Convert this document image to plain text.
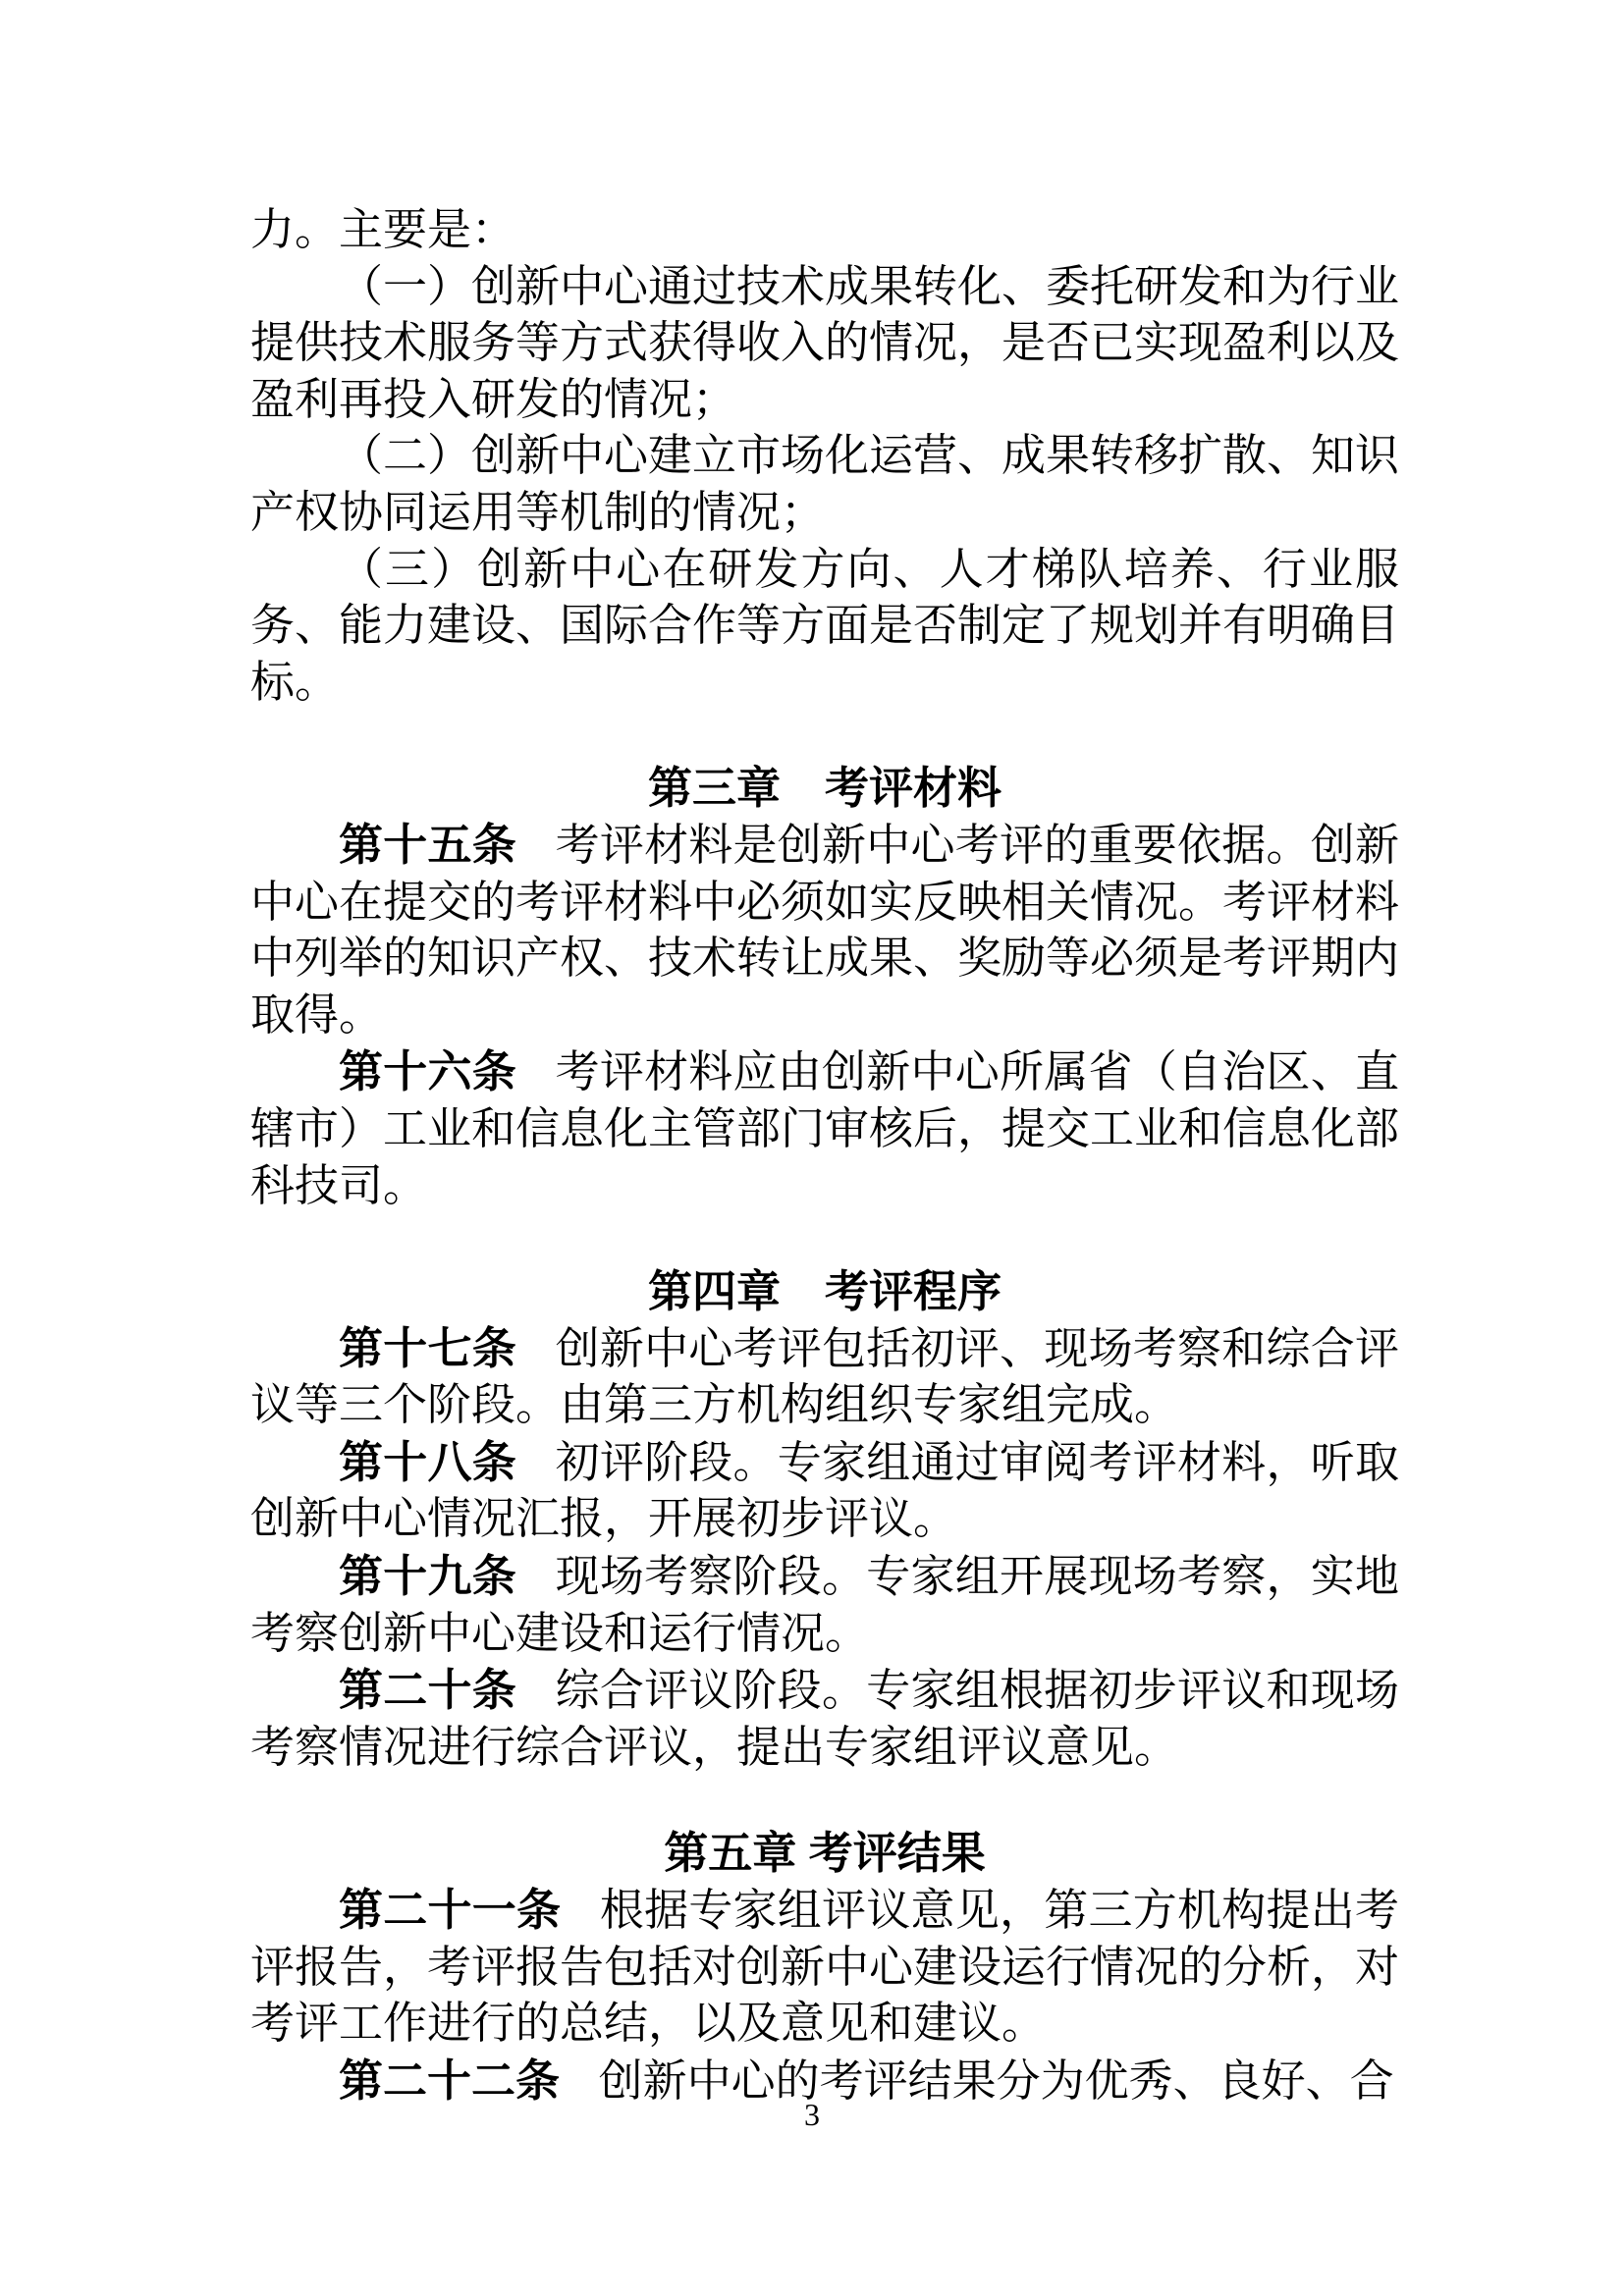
力。主要是：

（一）创新中心通过技术成果转化、委托研发和为行业提供技术服务等方式获得收入的情况，是否已实现盈利以及盈利再投入研发的情况；

（二）创新中心建立市场化运营、成果转移扩散、知识产权协同运用等机制的情况；

（三）创新中心在研发方向、人才梯队培养、行业服务、能力建设、国际合作等方面是否制定了规划并有明确目标。

第三章　考评材料

第十五条 考评材料是创新中心考评的重要依据。创新中心在提交的考评材料中必须如实反映相关情况。考评材料中列举的知识产权、技术转让成果、奖励等必须是考评期内取得。

第十六条 考评材料应由创新中心所属省（自治区、直辖市）工业和信息化主管部门审核后，提交工业和信息化部科技司。

第四章　考评程序

第十七条 创新中心考评包括初评、现场考察和综合评议等三个阶段。由第三方机构组织专家组完成。

第十八条 初评阶段。专家组通过审阅考评材料，听取创新中心情况汇报，开展初步评议。

第十九条 现场考察阶段。专家组开展现场考察，实地考察创新中心建设和运行情况。

第二十条 综合评议阶段。专家组根据初步评议和现场考察情况进行综合评议，提出专家组评议意见。

第五章 考评结果

第二十一条 根据专家组评议意见，第三方机构提出考评报告，考评报告包括对创新中心建设运行情况的分析，对考评工作进行的总结，以及意见和建议。

第二十二条 创新中心的考评结果分为优秀、良好、合

3
